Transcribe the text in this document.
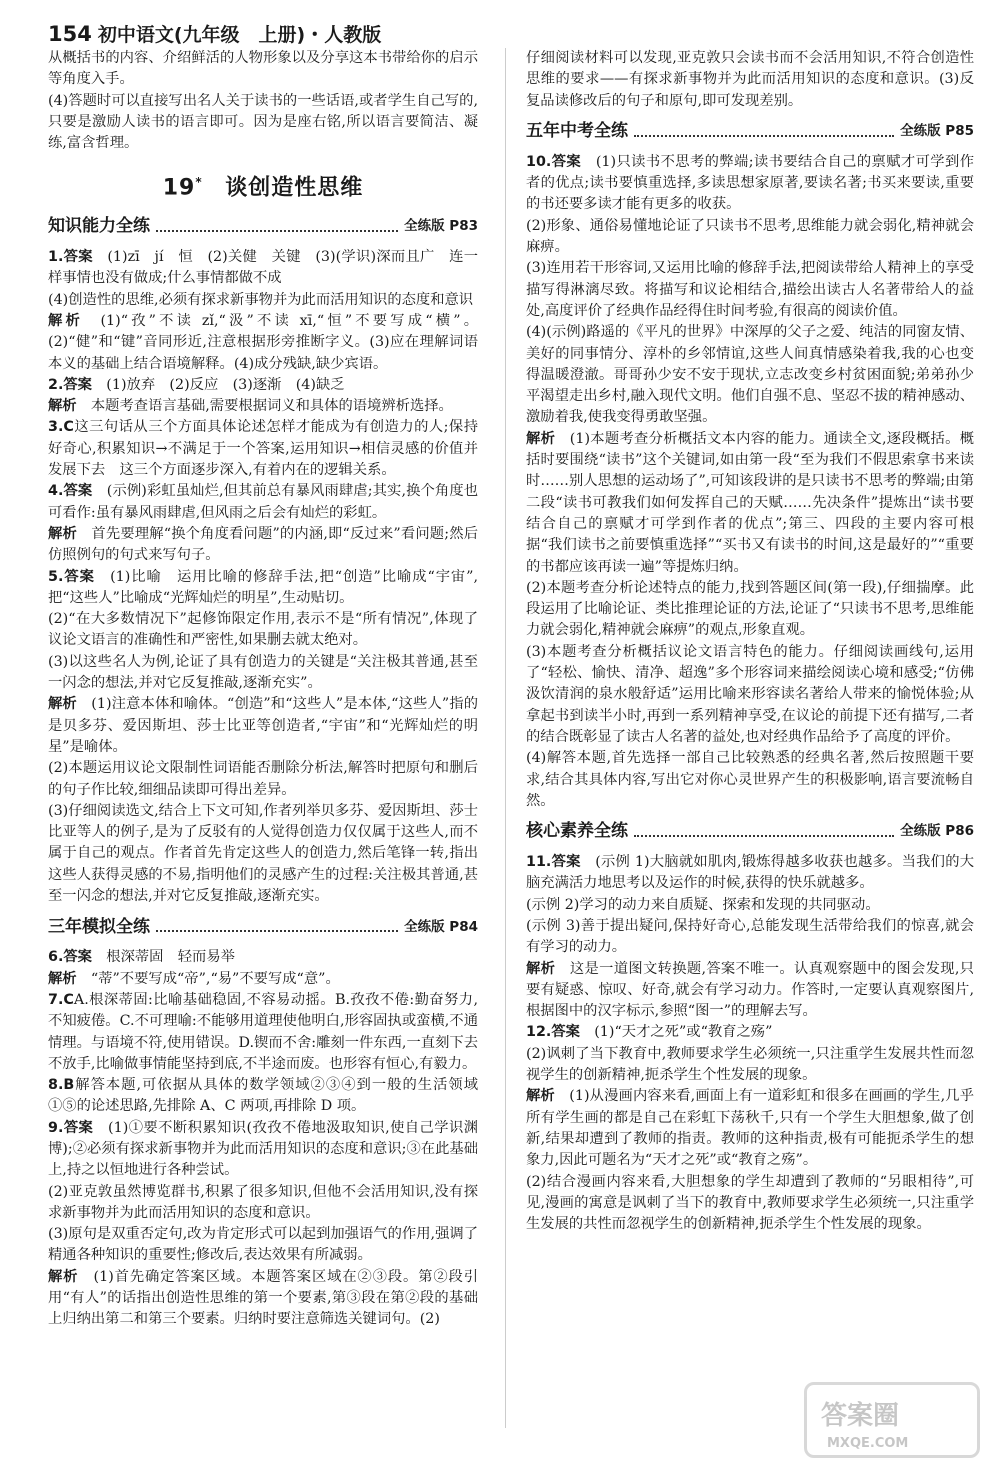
154 初中语文(九年级　上册)・人教版

从概括书的内容、介绍鲜活的人物形象以及分享这本书带给你的启示等角度入手。

(4)答题时可以直接写出名人关于读书的一些话语,或者学生自己写的,只要是激励人读书的语言即可。因为是座右铭,所以语言要简洁、凝练,富含哲理。

19* 谈创造性思维
知识能力全练	全练版 P83

1.答案　 (1)zī　jí　恒　(2)关健　关键　(3)(学识)深而且广　连一样事情也没有做成;什么事情都做不成

(4)创造性的思维,必须有探求新事物并为此而活用知识的态度和意识

解析　 (1)“孜”不读 zǐ,“汲”不读 xī,“恒”不要写成“横”。(2)“健”和“键”音同形近,注意根据形旁推断字义。(3)应在理解词语本义的基础上结合语境解释。(4)成分残缺,缺少宾语。

2.答案　 (1)放弃　(2)反应　(3)逐渐　(4)缺乏

解析　 本题考查语言基础,需要根据词义和具体的语境辨析选择。

3.C这三句话从三个方面具体论述怎样才能成为有创造力的人;保持好奇心,积累知识→不满足于一个答案,运用知识→相信灵感的价值并发展下去　这三个方面逐步深入,有着内在的逻辑关系。

4.答案　 (示例)彩虹虽灿烂,但其前总有暴风雨肆虐;其实,换个角度也可看作:虽有暴风雨肆虐,但风雨之后会有灿烂的彩虹。

解析　 首先要理解“换个角度看问题”的内涵,即“反过来”看问题;然后仿照例句的句式来写句子。

5.答案　 (1)比喻　运用比喻的修辞手法,把“创造”比喻成“宇宙”,把“这些人”比喻成“光辉灿烂的明星”,生动贴切。

(2)“在大多数情况下”起修饰限定作用,表示不是“所有情况”,体现了议论文语言的准确性和严密性,如果删去就太绝对。

(3)以这些名人为例,论证了具有创造力的关键是“关注极其普通,甚至一闪念的想法,并对它反复推敲,逐渐充实”。

解析　 (1)注意本体和喻体。“创造”和“这些人”是本体,“这些人”指的是贝多芬、爱因斯坦、莎士比亚等创造者,“宇宙”和“光辉灿烂的明星”是喻体。

(2)本题运用议论文限制性词语能否删除分析法,解答时把原句和删后的句子作比较,细细品读即可得出差异。

(3)仔细阅读选文,结合上下文可知,作者列举贝多芬、爱因斯坦、莎士比亚等人的例子,是为了反驳有的人觉得创造力仅仅属于这些人,而不属于自己的观点。作者首先肯定这些人的创造力,然后笔锋一转,指出这些人获得灵感的不易,指明他们的灵感产生的过程:关注极其普通,甚至一闪念的想法,并对它反复推敲,逐渐充实。

三年模拟全练	全练版 P84

6.答案　 根深蒂固　轻而易举

解析　 “蒂”不要写成“帝”,“易”不要写成“意”。

7.CA.根深蒂固:比喻基础稳固,不容易动摇。B.孜孜不倦:勤奋努力,不知疲倦。C.不可理喻:不能够用道理使他明白,形容固执或蛮横,不通情理。与语境不符,使用错误。D.锲而不舍:雕刻一件东西,一直刻下去不放手,比喻做事情能坚持到底,不半途而废。也形容有恒心,有毅力。

8.B解答本题,可依据从具体的数学领域②③④到一般的生活领域①⑤的论述思路,先排除 A、C 两项,再排除 D 项。

9.答案　 (1)①要不断积累知识(孜孜不倦地汲取知识,使自己学识渊博);②必须有探求新事物并为此而活用知识的态度和意识;③在此基础上,持之以恒地进行各种尝试。

(2)亚克敦虽然博览群书,积累了很多知识,但他不会活用知识,没有探求新事物并为此而活用知识的态度和意识。

(3)原句是双重否定句,改为肯定形式可以起到加强语气的作用,强调了精通各种知识的重要性;修改后,表达效果有所减弱。

解析　 (1)首先确定答案区域。本题答案区域在②③段。第②段引用“有人”的话指出创造性思维的第一个要素,第③段在第②段的基础上归纳出第二和第三个要素。归纳时要注意筛选关键词句。(2)

仔细阅读材料可以发现,亚克敦只会读书而不会活用知识,不符合创造性思维的要求——有探求新事物并为此而活用知识的态度和意识。(3)反复品读修改后的句子和原句,即可发现差别。

五年中考全练	全练版 P85

10.答案　 (1)只读书不思考的弊端;读书要结合自己的禀赋才可学到作者的优点;读书要慎重选择,多读思想家原著,要读名著;书买来要读,重要的书还要多读才能有更多的收获。

(2)形象、通俗易懂地论证了只读书不思考,思维能力就会弱化,精神就会麻痹。

(3)连用若干形容词,又运用比喻的修辞手法,把阅读带给人精神上的享受描写得淋漓尽致。将描写和议论相结合,描绘出读古人名著带给人的益处,高度评价了经典作品经得住时间考验,有很高的阅读价值。

(4)(示例)路遥的《平凡的世界》中深厚的父子之爱、纯洁的同窗友情、美好的同事情分、淳朴的乡邻情谊,这些人间真情感染着我,我的心也变得温暖澄澈。哥哥孙少安不安于现状,立志改变乡村贫困面貌;弟弟孙少平渴望走出乡村,融入现代文明。他们自强不息、坚忍不拔的精神感动、激励着我,使我变得勇敢坚强。

解析　 (1)本题考查分析概括文本内容的能力。通读全文,逐段概括。概括时要围绕“读书”这个关键词,如由第一段“至为我们不假思索拿书来读时……别人思想的运动场了”,可知该段讲的是只读书不思考的弊端;由第二段“读书可教我们如何发挥自己的天赋……先决条件”提炼出“读书要结合自己的禀赋才可学到作者的优点”;第三、四段的主要内容可根据“我们读书之前要慎重选择”“买书又有读书的时间,这是最好的”“重要的书都应该再读一遍”等提炼归纳。

(2)本题考查分析论述特点的能力,找到答题区间(第一段),仔细揣摩。此段运用了比喻论证、类比推理论证的方法,论证了“只读书不思考,思维能力就会弱化,精神就会麻痹”的观点,形象直观。

(3)本题考查分析概括议论文语言特色的能力。仔细阅读画线句,运用了“轻松、愉快、清净、超逸”多个形容词来描绘阅读心境和感受;“仿佛汲饮清润的泉水般舒适”运用比喻来形容读名著给人带来的愉悦体验;从拿起书到读半小时,再到一系列精神享受,在议论的前提下还有描写,二者的结合既彰显了读古人名著的益处,也对经典作品给予了高度的评价。

(4)解答本题,首先选择一部自己比较熟悉的经典名著,然后按照题干要求,结合其具体内容,写出它对你心灵世界产生的积极影响,语言要流畅自然。

核心素养全练	全练版 P86

11.答案　 (示例 1)大脑就如肌肉,锻炼得越多收获也越多。当我们的大脑充满活力地思考以及运作的时候,获得的快乐就越多。

(示例 2)学习的动力来自质疑、探索和发现的共同驱动。

(示例 3)善于提出疑问,保持好奇心,总能发现生活带给我们的惊喜,就会有学习的动力。

解析　 这是一道图文转换题,答案不唯一。认真观察题中的图会发现,只要有疑惑、惊叹、好奇,就会有学习动力。作答时,一定要认真观察图片,根据图中的汉字标示,参照“图一”的理解去写。

12.答案　 (1)“天才之死”或“教育之殇”

(2)讽刺了当下教育中,教师要求学生必须统一,只注重学生发展共性而忽视学生的创新精神,扼杀学生个性发展的现象。

解析　 (1)从漫画内容来看,画面上有一道彩虹和很多在画画的学生,几乎所有学生画的都是自己在彩虹下荡秋千,只有一个学生大胆想象,做了创新,结果却遭到了教师的指责。教师的这种指责,极有可能扼杀学生的想象力,因此可题名为“天才之死”或“教育之殇”。

(2)结合漫画内容来看,大胆想象的学生却遭到了教师的“另眼相待”,可见,漫画的寓意是讽刺了当下的教育中,教师要求学生必须统一,只注重学生发展的共性而忽视学生的创新精神,扼杀学生个性发展的现象。

答案圈
MXQE.COM
